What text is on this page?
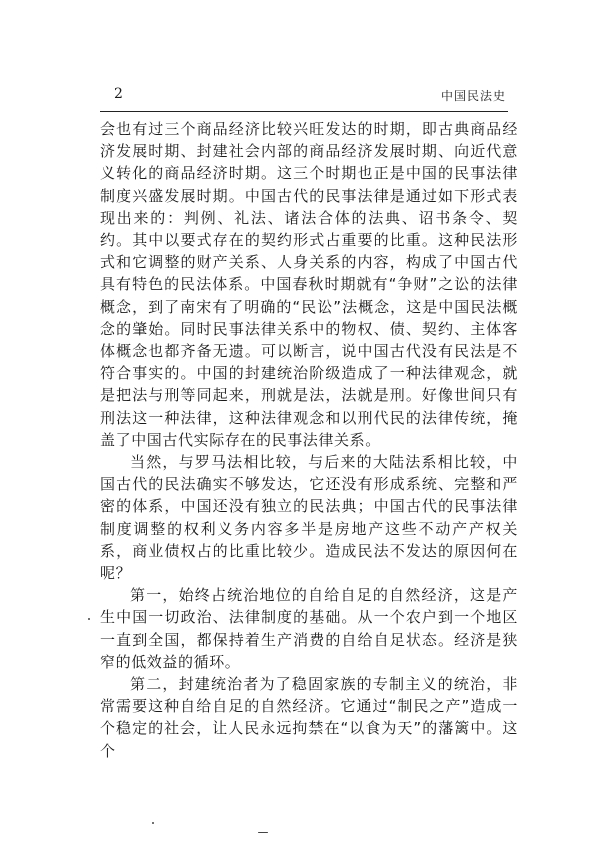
2	中国民法史

会也有过三个商品经济比较兴旺发达的时期，即古典商品经济发展时期、封建社会内部的商品经济发展时期、向近代意义转化的商品经济时期。这三个时期也正是中国的民事法律制度兴盛发展时期。中国古代的民事法律是通过如下形式表现出来的：判例、礼法、诸法合体的法典、诏书条令、契约。其中以要式存在的契约形式占重要的比重。这种民法形式和它调整的财产关系、人身关系的内容，构成了中国古代具有特色的民法体系。中国春秋时期就有“争财”之讼的法律概念，到了南宋有了明确的“民讼”法概念，这是中国民法概念的肇始。同时民事法律关系中的物权、债、契约、主体客体概念也都齐备无遗。可以断言，说中国古代没有民法是不符合事实的。中国的封建统治阶级造成了一种法律观念，就是把法与刑等同起来，刑就是法，法就是刑。好像世间只有刑法这一种法律，这种法律观念和以刑代民的法律传统，掩盖了中国古代实际存在的民事法律关系。

当然，与罗马法相比较，与后来的大陆法系相比较，中国古代的民法确实不够发达，它还没有形成系统、完整和严密的体系，中国还没有独立的民法典；中国古代的民事法律制度调整的权利义务内容多半是房地产这些不动产产权关系，商业债权占的比重比较少。造成民法不发达的原因何在呢？

第一，始终占统治地位的自给自足的自然经济，这是产生中国一切政治、法律制度的基础。从一个农户到一个地区一直到全国，都保持着生产消费的自给自足状态。经济是狭窄的低效益的循环。

第二，封建统治者为了稳固家族的专制主义的统治，非常需要这种自给自足的自然经济。它通过“制民之产”造成一个稳定的社会，让人民永远拘禁在“以食为天”的藩篱中。这个
